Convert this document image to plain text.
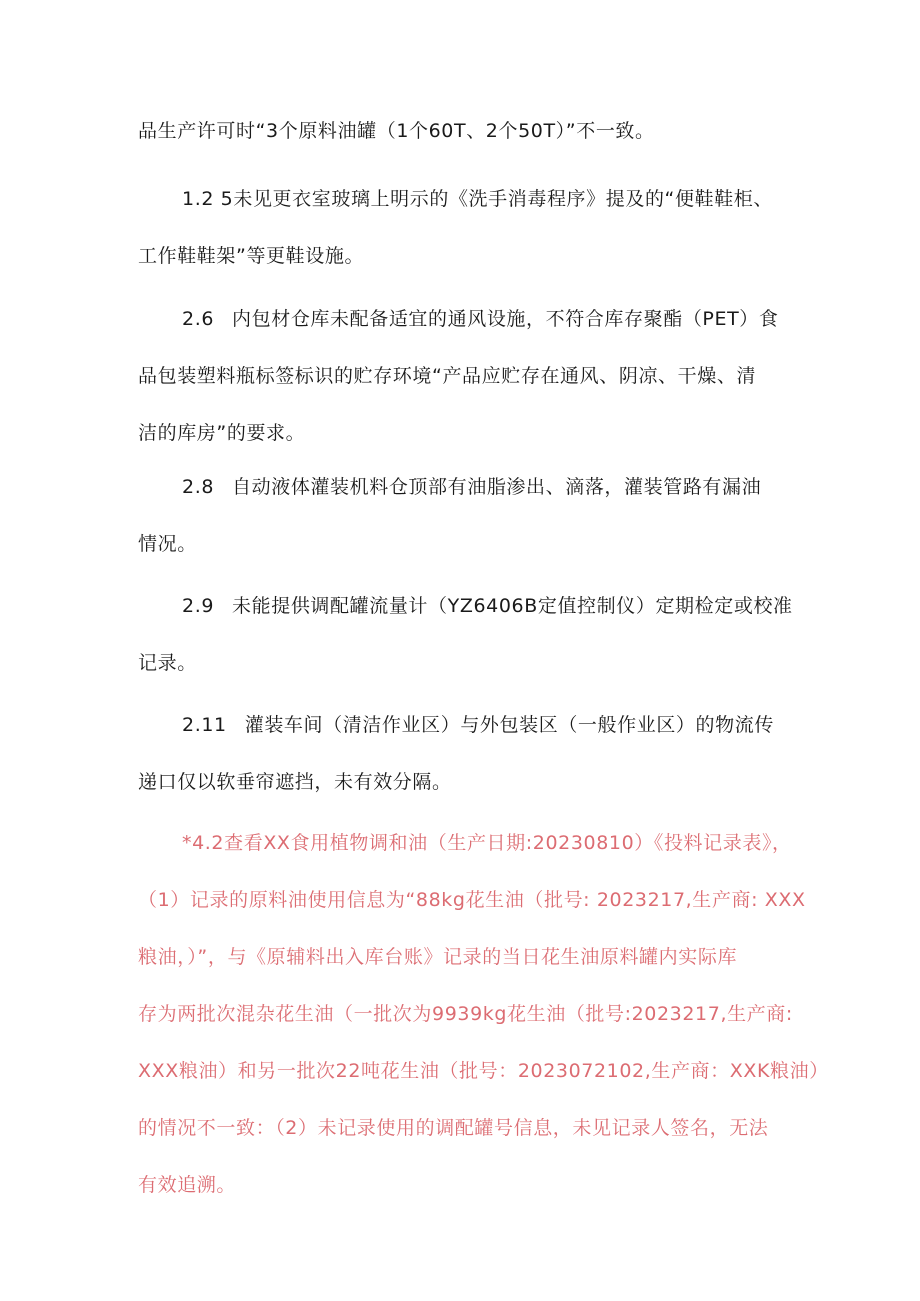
品生产许可时“3个原料油罐（1个60T、2个50T）”不一致。
1.2 5未见更衣室玻璃上明示的《洗手消毒程序》提及的“便鞋鞋柜、
工作鞋鞋架”等更鞋设施。
2.6 内包材仓库未配备适宜的通风设施，不符合库存聚酯（PET）食
品包装塑料瓶标签标识的贮存环境“产品应贮存在通风、阴凉、干燥、清
洁的库房”的要求。
2.8 自动液体灌装机料仓顶部有油脂渗出、滴落，灌装管路有漏油
情况。
2.9 未能提供调配罐流量计（YZ6406B定值控制仪）定期检定或校准
记录。
2.11 灌装车间（清洁作业区）与外包装区（一般作业区）的物流传
递口仅以软垂帘遮挡，未有效分隔。
*4.2查看XX食用植物调和油（生产日期:20230810）《投料记录表》，
（1）记录的原料油使用信息为“88kg花生油（批号: 2023217,生产商: XXX
粮油，）”，与《原辅料出入库台账》记录的当日花生油原料罐内实际库
存为两批次混杂花生油（一批次为9939kg花生油（批号:2023217,生产商:
XXX粮油）和另一批次22吨花生油（批号：2023072102,生产商：XXK粮油）
的情况不一致：（2）未记录使用的调配罐号信息，未见记录人签名，无法
有效追溯。
